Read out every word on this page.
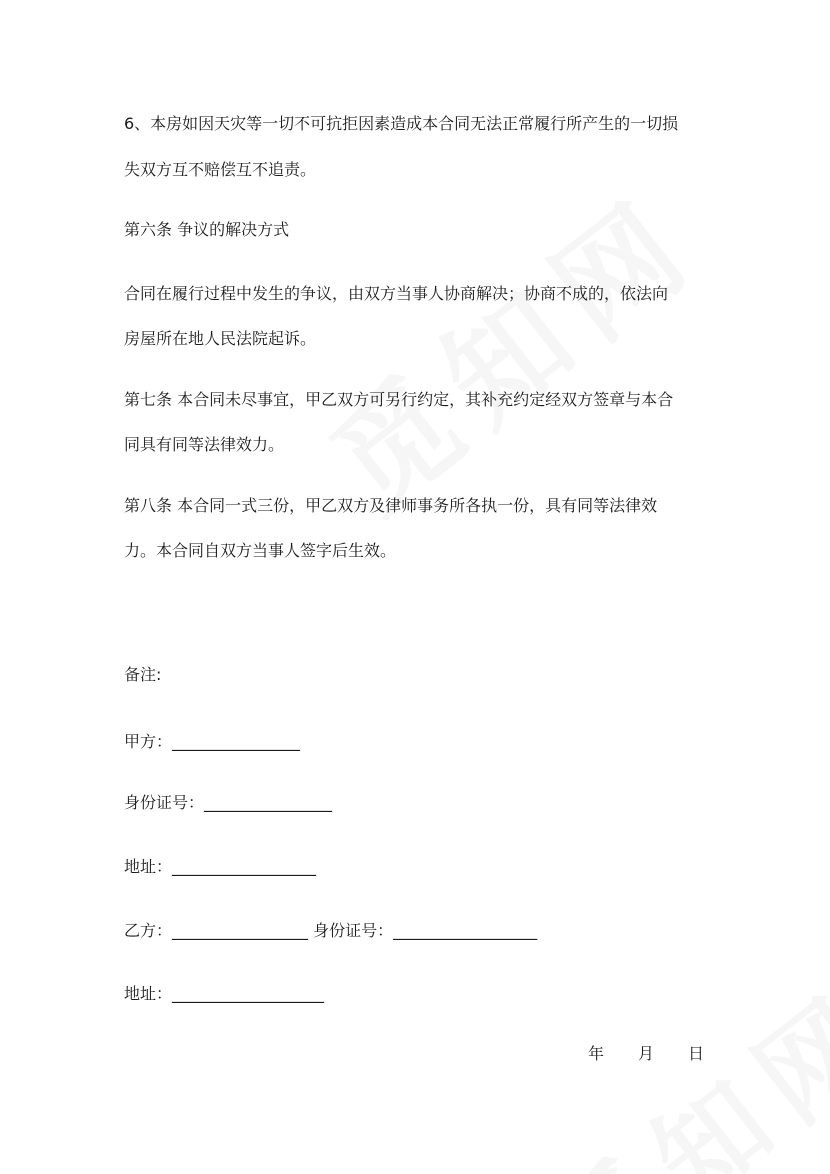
6、本房如因天灾等一切不可抗拒因素造成本合同无法正常履行所产生的一切损
失双方互不赔偿互不追责。
第六条 争议的解决方式
合同在履行过程中发生的争议，由双方当事人协商解决；协商不成的，依法向
房屋所在地人民法院起诉。
第七条 本合同未尽事宜，甲乙双方可另行约定，其补充约定经双方签章与本合
同具有同等法律效力。
第八条 本合同一式三份，甲乙双方及律师事务所各执一份，具有同等法律效
力。本合同自双方当事人签字后生效。
备注:
甲方：________________
身份证号：________________
地址：__________________
乙方：_________________ 身份证号：__________________
地址：___________________
年 月 日
